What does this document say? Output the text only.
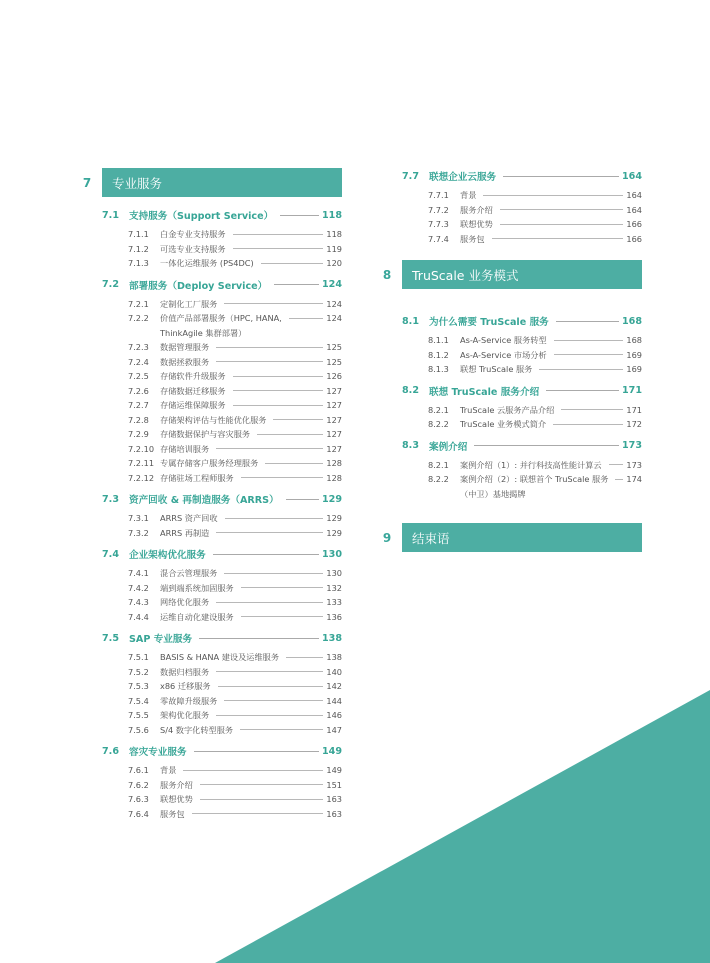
7	专业服务
7.1	支持服务（Support Service）	118
7.1.1	白金专业支持服务	118
7.1.2	可选专业支持服务	119
7.1.3	一体化运维服务 (PS4DC)	120
7.2	部署服务（Deploy Service）	124
7.2.1	定制化工厂服务	124
7.2.2	价值产品部署服务（HPC, HANA,	124
ThinkAgile 集群部署）
7.2.3	数据管理服务	125
7.2.4	数据拯救服务	125
7.2.5	存储软件升级服务	126
7.2.6	存储数据迁移服务	127
7.2.7	存储运维保障服务	127
7.2.8	存储架构评估与性能优化服务	127
7.2.9	存储数据保护与容灾服务	127
7.2.10 存储培训服务	127
7.2.11 专属存储客户服务经理服务	128
7.2.12 存储驻场工程师服务	128
7.3	资产回收 & 再制造服务（ARRS）	129
7.3.1	ARRS 资产回收	129
7.3.2	ARRS 再制造	129
7.4	企业架构优化服务	130
7.4.1	混合云管理服务	130
7.4.2	端到端系统加固服务	132
7.4.3	网络优化服务	133
7.4.4	运维自动化建设服务	136
7.5	SAP 专业服务	138
7.5.1	BASIS & HANA 建设及运维服务	138
7.5.2	数据归档服务	140
7.5.3	x86 迁移服务	142
7.5.4	零故障升级服务	144
7.5.5	架构优化服务	146
7.5.6	S/4 数字化转型服务	147
7.6	容灾专业服务	149
7.6.1	背景	149
7.6.2	服务介绍	151
7.6.3	联想优势	163
7.6.4	服务包	163
7.7	联想企业云服务	164
7.7.1	背景	164
7.7.2	服务介绍	164
7.7.3	联想优势	166
7.7.4	服务包	166
8	TruScale 业务模式
8.1	为什么需要 TruScale 服务	168
8.1.1	As-A-Service 服务转型	168
8.1.2	As-A-Service 市场分析	169
8.1.3	联想 TruScale 服务	169
8.2	联想 TruScale 服务介绍	171
8.2.1	TruScale 云服务产品介绍	171
8.2.2	TruScale 业务模式简介	172
8.3	案例介绍	173
8.2.1	案例介绍（1）: 并行科技高性能计算云	173
8.2.2	案例介绍（2）: 联想首个 TruScale 服务	174
（中卫）基地揭牌
9	结束语
